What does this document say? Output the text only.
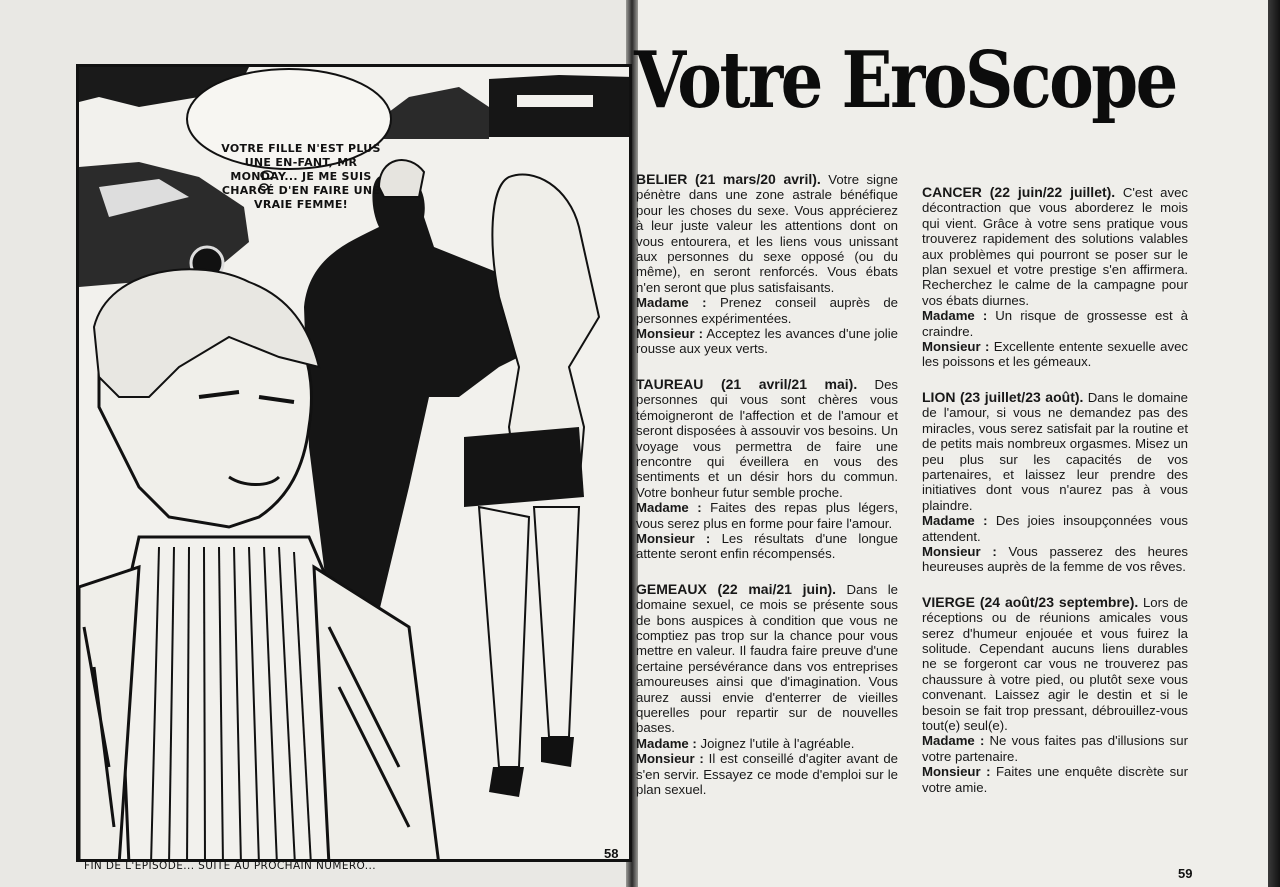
VOTRE FILLE N'EST PLUS UNE EN-FANT, MR MONDAY... JE ME SUIS CHARGÉ D'EN FAIRE UNE VRAIE FEMME!
FIN DE L'ÉPISODE... SUITE AU PROCHAIN NUMÉRO...
58
Votre EroScope

BELIER (21 mars/20 avril). Votre signe pénètre dans une zone astrale bénéfique pour les choses du sexe. Vous apprécierez à leur juste valeur les attentions dont on vous entourera, et les liens vous unissant aux personnes du sexe opposé (ou du même), en seront renforcés. Vous ébats n'en seront que plus satisfaisants.

Madame : Prenez conseil auprès de personnes expérimentées.

Monsieur : Acceptez les avances d'une jolie rousse aux yeux verts.

TAUREAU (21 avril/21 mai). Des personnes qui vous sont chères vous témoigneront de l'affection et de l'amour et seront disposées à assouvir vos besoins. Un voyage vous permettra de faire une rencontre qui éveillera en vous des sentiments et un désir hors du commun. Votre bonheur futur semble proche.

Madame : Faites des repas plus légers, vous serez plus en forme pour faire l'amour.

Monsieur : Les résultats d'une longue attente seront enfin récompensés.

GEMEAUX (22 mai/21 juin). Dans le domaine sexuel, ce mois se présente sous de bons auspices à condition que vous ne comptiez pas trop sur la chance pour vous mettre en valeur. Il faudra faire preuve d'une certaine persévérance dans vos entreprises amoureuses ainsi que d'imagination. Vous aurez aussi envie d'enterrer de vieilles querelles pour repartir sur de nouvelles bases.

Madame : Joignez l'utile à l'agréable.

Monsieur : Il est conseillé d'agiter avant de s'en servir. Essayez ce mode d'emploi sur le plan sexuel.

CANCER (22 juin/22 juillet). C'est avec décontraction que vous aborderez le mois qui vient. Grâce à votre sens pratique vous trouverez rapidement des solutions valables aux problèmes qui pourront se poser sur le plan sexuel et votre prestige s'en affirmera. Recherchez le calme de la campagne pour vos ébats diurnes.

Madame : Un risque de grossesse est à craindre.

Monsieur : Excellente entente sexuelle avec les poissons et les gémeaux.

LION (23 juillet/23 août). Dans le domaine de l'amour, si vous ne demandez pas des miracles, vous serez satisfait par la routine et de petits mais nombreux orgasmes. Misez un peu plus sur les capacités de vos partenaires, et laissez leur prendre des initiatives dont vous n'aurez pas à vous plaindre.

Madame : Des joies insoupçonnées vous attendent.

Monsieur : Vous passerez des heures heureuses auprès de la femme de vos rêves.

VIERGE (24 août/23 septembre). Lors de réceptions ou de réunions amicales vous serez d'humeur enjouée et vous fuirez la solitude. Cependant aucuns liens durables ne se forgeront car vous ne trouverez pas chaussure à votre pied, ou plutôt sexe vous convenant. Laissez agir le destin et si le besoin se fait trop pressant, débrouillez-vous tout(e) seul(e).

Madame : Ne vous faites pas d'illusions sur votre partenaire.

Monsieur : Faites une enquête discrète sur votre amie.

59
